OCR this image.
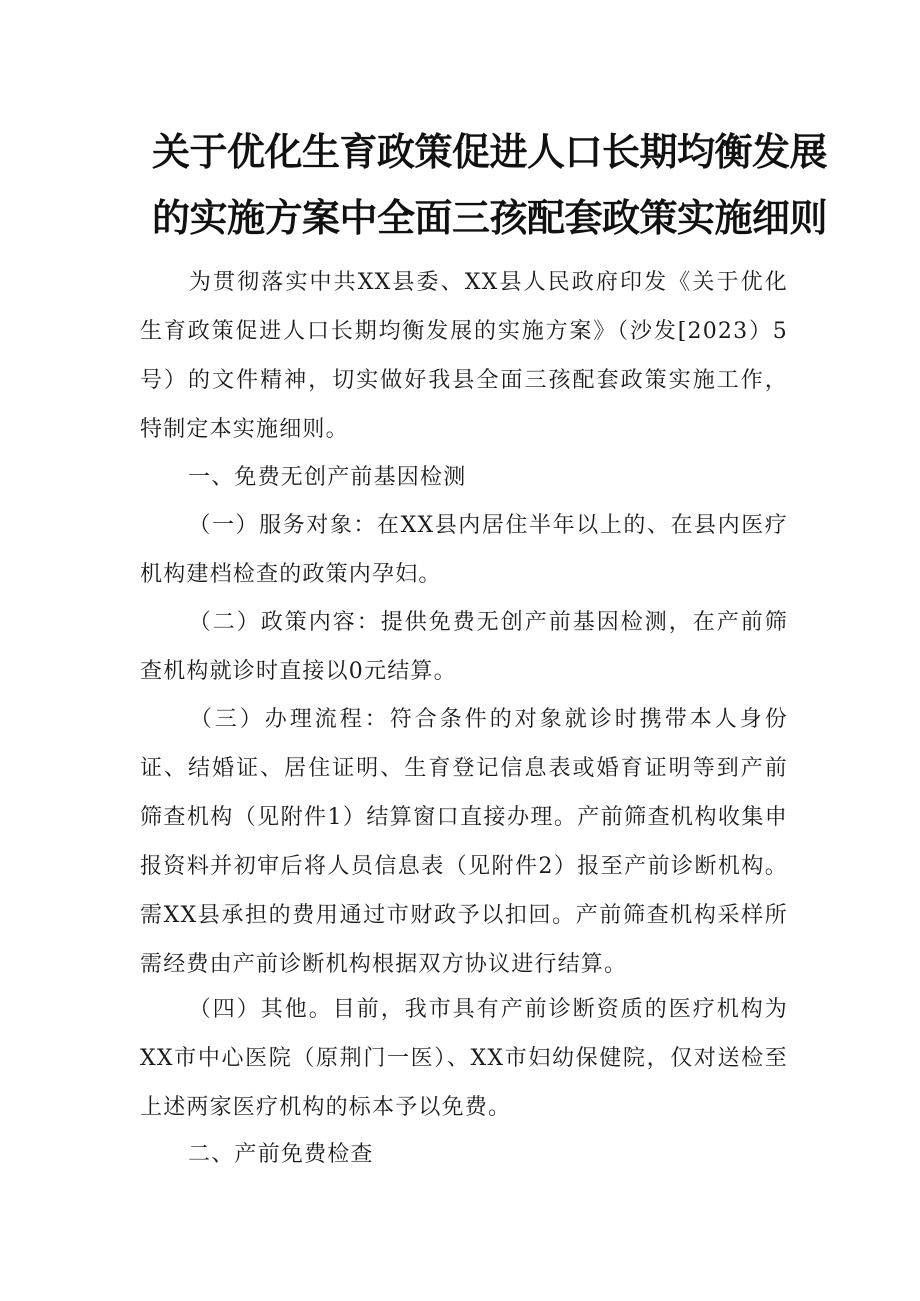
关于优化生育政策促进人口长期均衡发展
的实施方案中全面三孩配套政策实施细则

为贯彻落实中共XX县委、XX县人民政府印发《关于优化生育政策促进人口长期均衡发展的实施方案》（沙发[2023）5号）的文件精神，切实做好我县全面三孩配套政策实施工作，特制定本实施细则。

一、免费无创产前基因检测

（一）服务对象：在XX县内居住半年以上的、在县内医疗机构建档检查的政策内孕妇。

（二）政策内容：提供免费无创产前基因检测，在产前筛查机构就诊时直接以0元结算。

（三）办理流程：符合条件的对象就诊时携带本人身份证、结婚证、居住证明、生育登记信息表或婚育证明等到产前筛查机构（见附件1）结算窗口直接办理。产前筛查机构收集申报资料并初审后将人员信息表（见附件2）报至产前诊断机构。需XX县承担的费用通过市财政予以扣回。产前筛查机构采样所需经费由产前诊断机构根据双方协议进行结算。

（四）其他。目前，我市具有产前诊断资质的医疗机构为XX市中心医院（原荆门一医）、XX市妇幼保健院，仅对送检至上述两家医疗机构的标本予以免费。

二、产前免费检查
